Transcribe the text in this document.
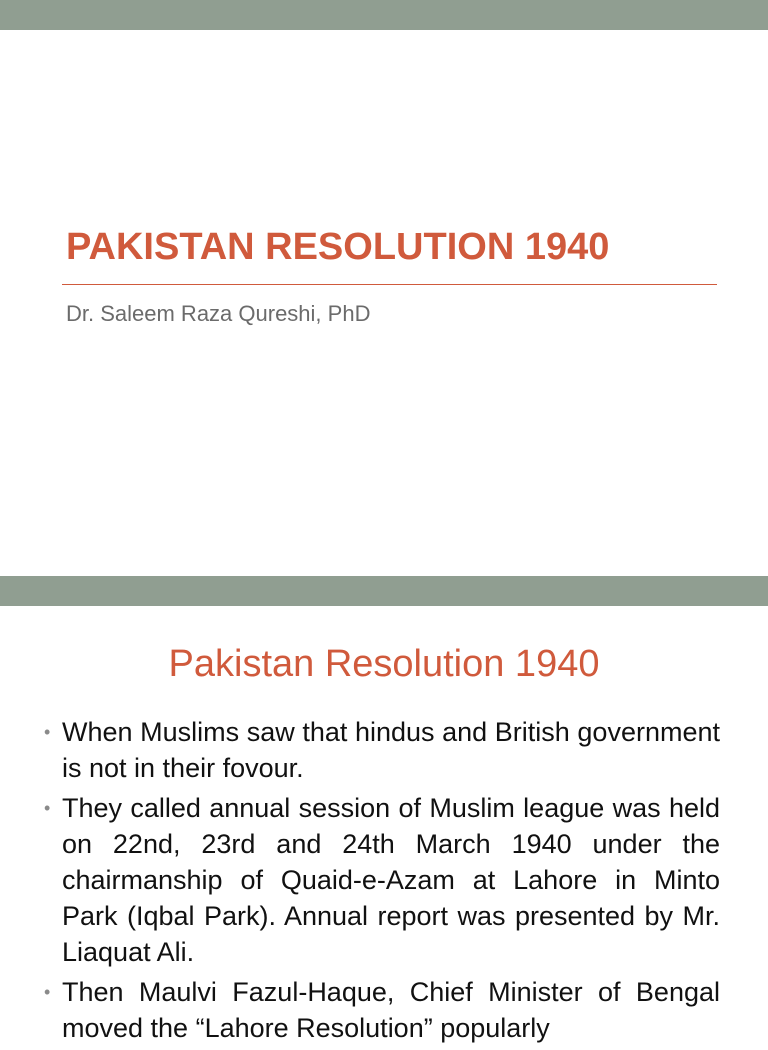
PAKISTAN RESOLUTION 1940

Dr. Saleem Raza Qureshi, PhD

Pakistan Resolution 1940
• When Muslims saw that hindus and British government is not in their fovour.
• They called annual session of Muslim league was held on 22nd, 23rd and 24th March 1940 under the chairmanship of Quaid-e-Azam at Lahore in Minto Park (Iqbal Park). Annual report was presented by Mr. Liaquat Ali.
• Then Maulvi Fazul-Haque, Chief Minister of Bengal moved the “Lahore Resolution” popularly
